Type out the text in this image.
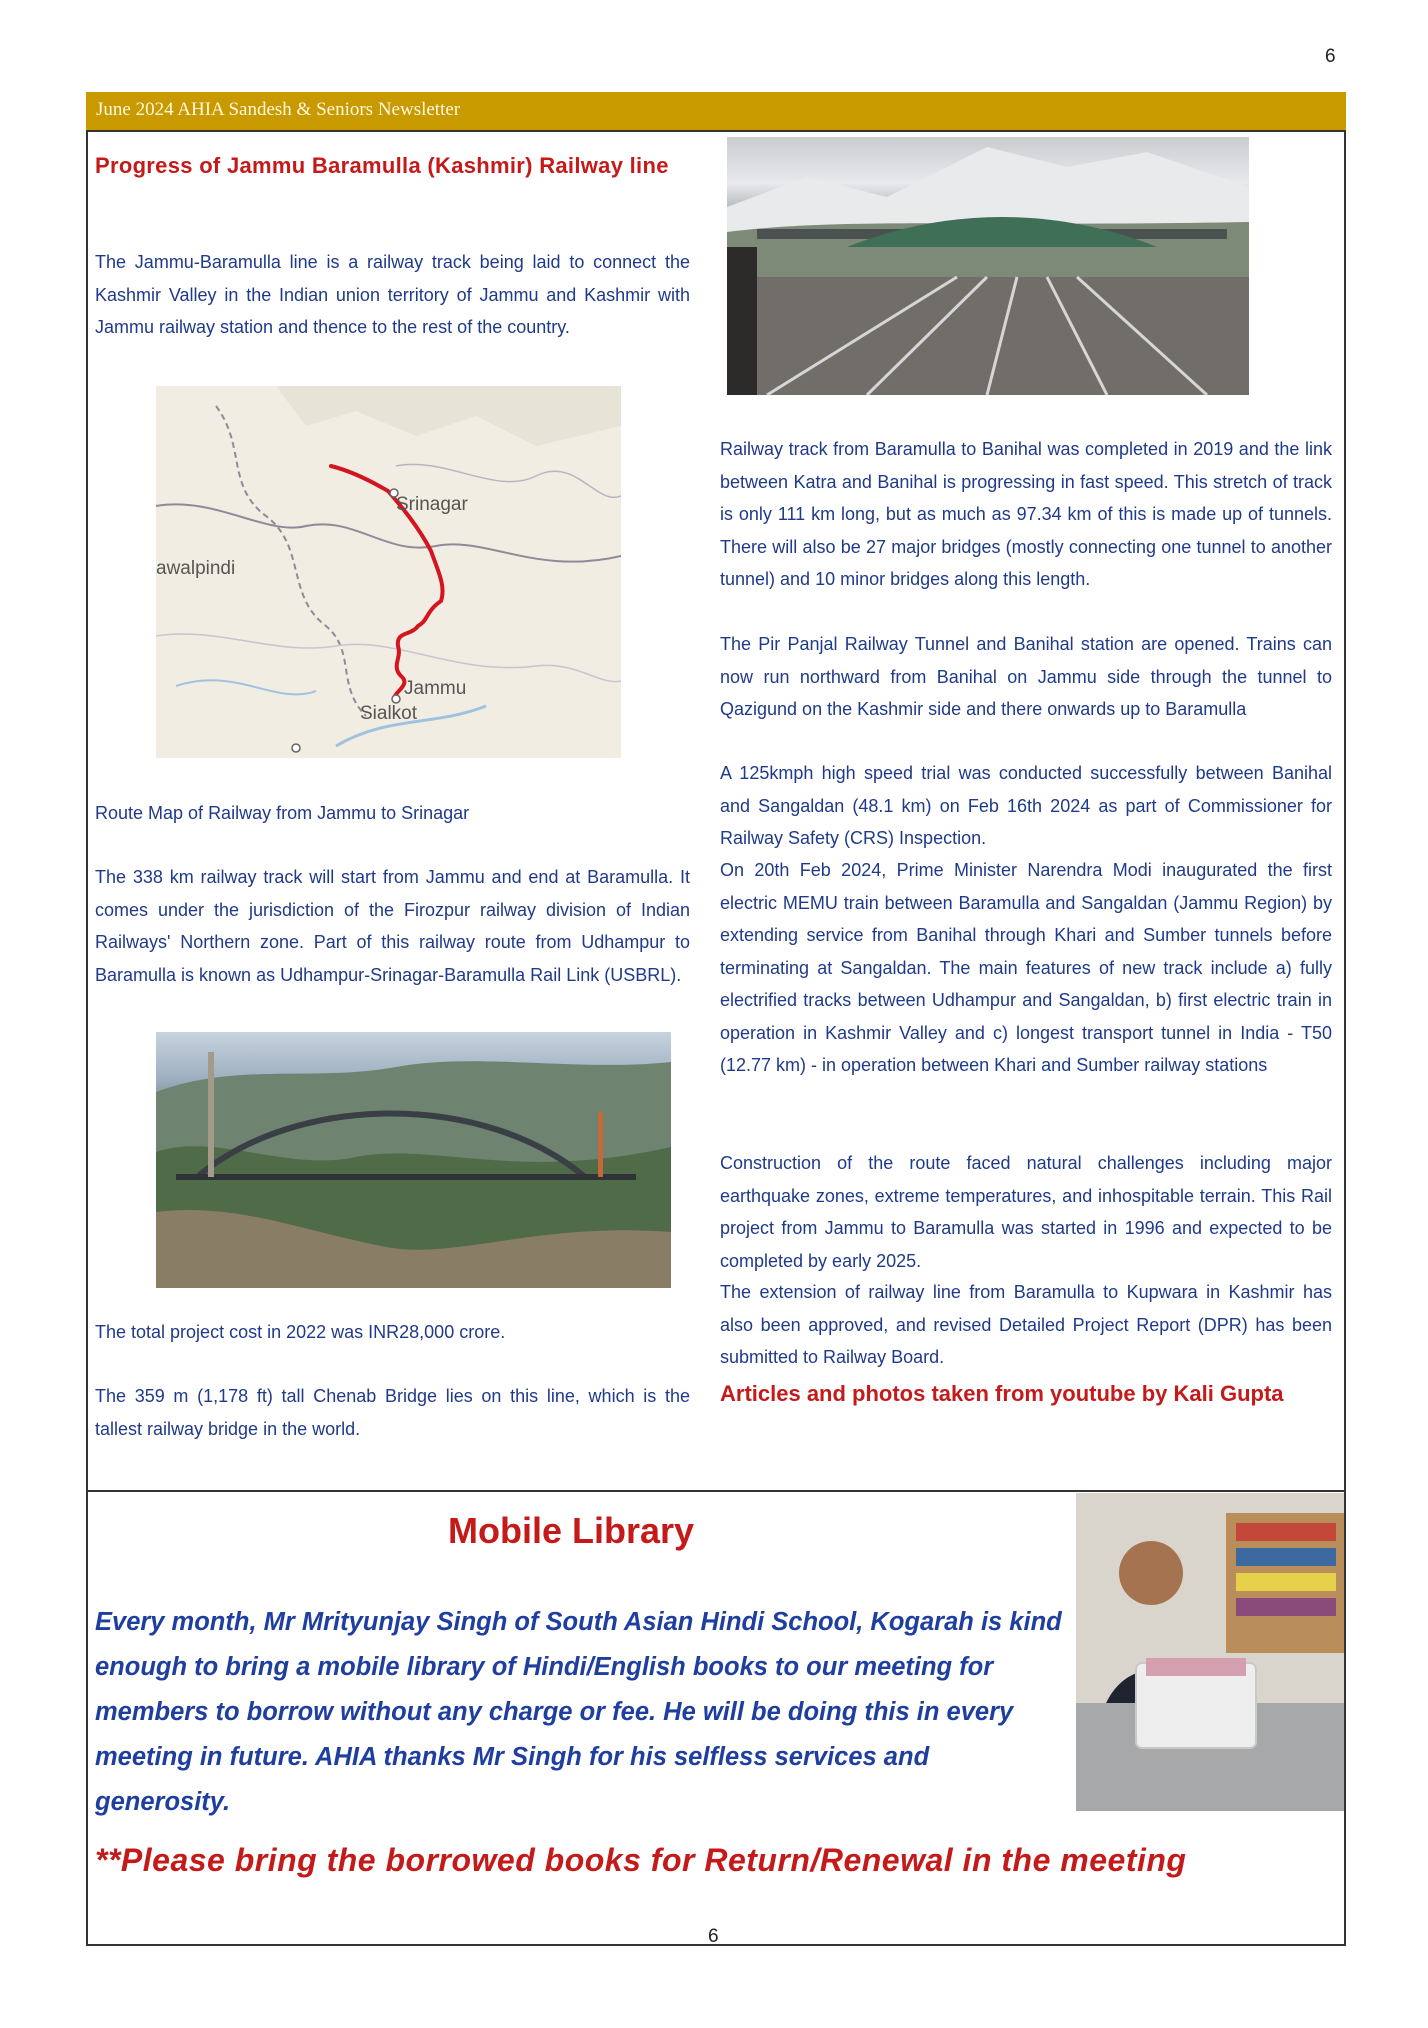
6
June 2024 AHIA Sandesh & Seniors Newsletter
Progress of Jammu Baramulla (Kashmir) Railway line
The Jammu-Baramulla line is a railway track being laid to connect the Kashmir Valley in the Indian union territory of Jammu and Kashmir with Jammu railway station and thence to the rest of the country.
Srinagar
awalpindi
Jammu
Sialkot
Route Map of Railway from Jammu to Srinagar
The 338 km railway track will start from Jammu and end at Baramulla. It comes under the jurisdiction of the Firozpur railway division of Indian Railways' Northern zone. Part of this railway route from Udhampur to Baramulla is known as Udhampur-Srinagar-Baramulla Rail Link (USBRL).
The total project cost in 2022 was INR28,000 crore.
The 359 m (1,178 ft) tall Chenab Bridge lies on this line, which is the tallest railway bridge in the world.
Railway track from Baramulla to Banihal was completed in 2019 and the link between Katra and Banihal is progressing in fast speed. This stretch of track is only 111 km long, but as much as 97.34 km of this is made up of tunnels. There will also be 27 major bridges (mostly connecting one tunnel to another tunnel) and 10 minor bridges along this length.
The Pir Panjal Railway Tunnel and Banihal station are opened. Trains can now run northward from Banihal on Jammu side through the tunnel to Qazigund on the Kashmir side and there onwards up to Baramulla
A 125kmph high speed trial was conducted successfully between Banihal and Sangaldan (48.1 km) on Feb 16th 2024 as part of Commissioner for Railway Safety (CRS) Inspection.
On 20th Feb 2024, Prime Minister Narendra Modi inaugurated the first electric MEMU train between Baramulla and Sangaldan (Jammu Region) by extending service from Banihal through Khari and Sumber tunnels before terminating at Sangaldan. The main features of new track include a) fully electrified tracks between Udhampur and Sangaldan, b) first electric train in operation in Kashmir Valley and c) longest transport tunnel in India - T50 (12.77 km) - in operation between Khari and Sumber railway stations
Construction of the route faced natural challenges including major earthquake zones, extreme temperatures, and inhospitable terrain. This Rail project from Jammu to Baramulla was started in 1996 and expected to be completed by early 2025.
The extension of railway line from Baramulla to Kupwara in Kashmir has also been approved, and revised Detailed Project Report (DPR) has been submitted to Railway Board.
Articles and photos taken from youtube by Kali Gupta
Mobile Library
Every month, Mr Mrityunjay Singh of South Asian Hindi School, Kogarah is kind enough to bring a mobile library of Hindi/English books to our meeting for members to borrow without any charge or fee. He will be doing this in every meeting in future. AHIA thanks Mr Singh for his selfless services and generosity.
**Please bring the borrowed books for Return/Renewal in the meeting
6
